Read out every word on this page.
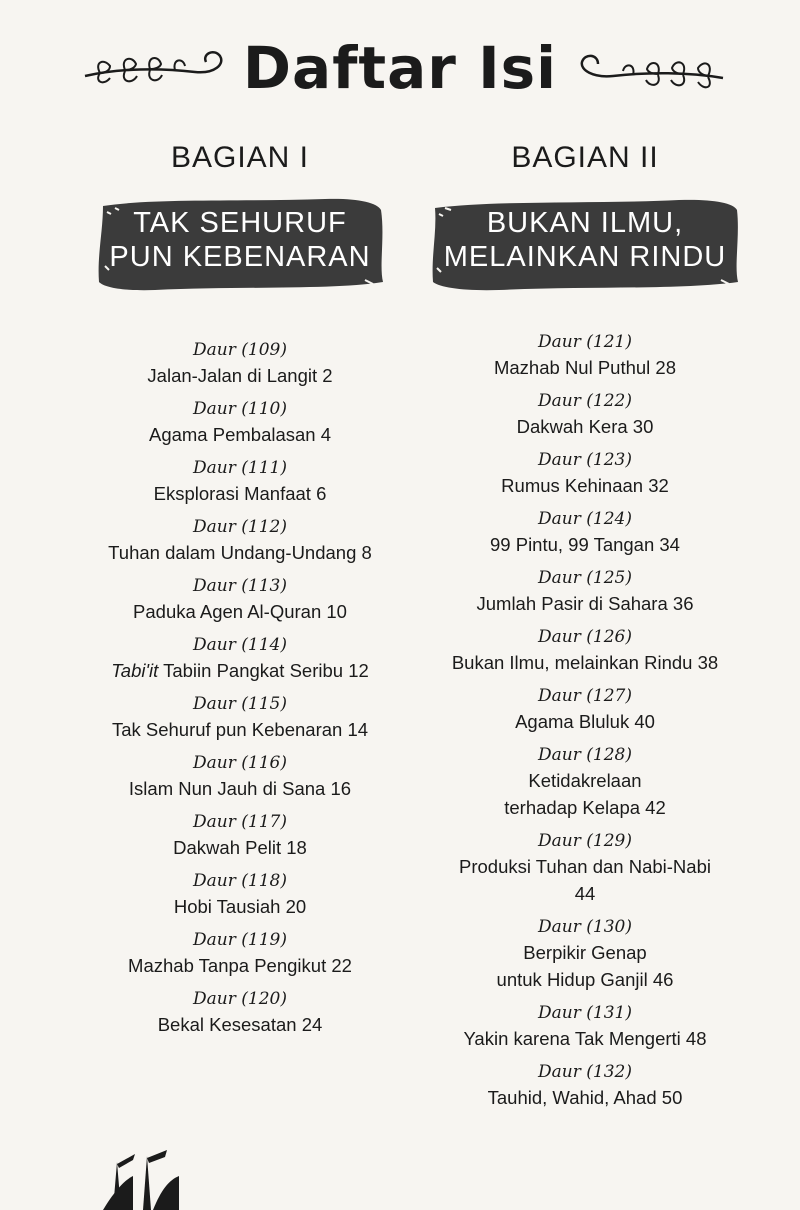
Daftar Isi
BAGIAN I
TAK SEHURUF
PUN KEBENARAN
Daur (109)
Jalan-Jalan di Langit 2
Daur (110)
Agama Pembalasan 4
Daur (111)
Eksplorasi Manfaat 6
Daur (112)
Tuhan dalam Undang-Undang 8
Daur (113)
Paduka Agen Al-Quran 10
Daur (114)
Tabi'it Tabiin Pangkat Seribu 12
Daur (115)
Tak Sehuruf pun Kebenaran 14
Daur (116)
Islam Nun Jauh di Sana 16
Daur (117)
Dakwah Pelit 18
Daur (118)
Hobi Tausiah 20
Daur (119)
Mazhab Tanpa Pengikut 22
Daur (120)
Bekal Kesesatan 24
BAGIAN II
BUKAN ILMU,
MELAINKAN RINDU
Daur (121)
Mazhab Nul Puthul 28
Daur (122)
Dakwah Kera 30
Daur (123)
Rumus Kehinaan 32
Daur (124)
99 Pintu, 99 Tangan 34
Daur (125)
Jumlah Pasir di Sahara 36
Daur (126)
Bukan Ilmu, melainkan Rindu 38
Daur (127)
Agama Bluluk 40
Daur (128)
Ketidakrelaan
terhadap Kelapa 42
Daur (129)
Produksi Tuhan dan Nabi-Nabi
44
Daur (130)
Berpikir Genap
untuk Hidup Ganjil 46
Daur (131)
Yakin karena Tak Mengerti 48
Daur (132)
Tauhid, Wahid, Ahad 50
